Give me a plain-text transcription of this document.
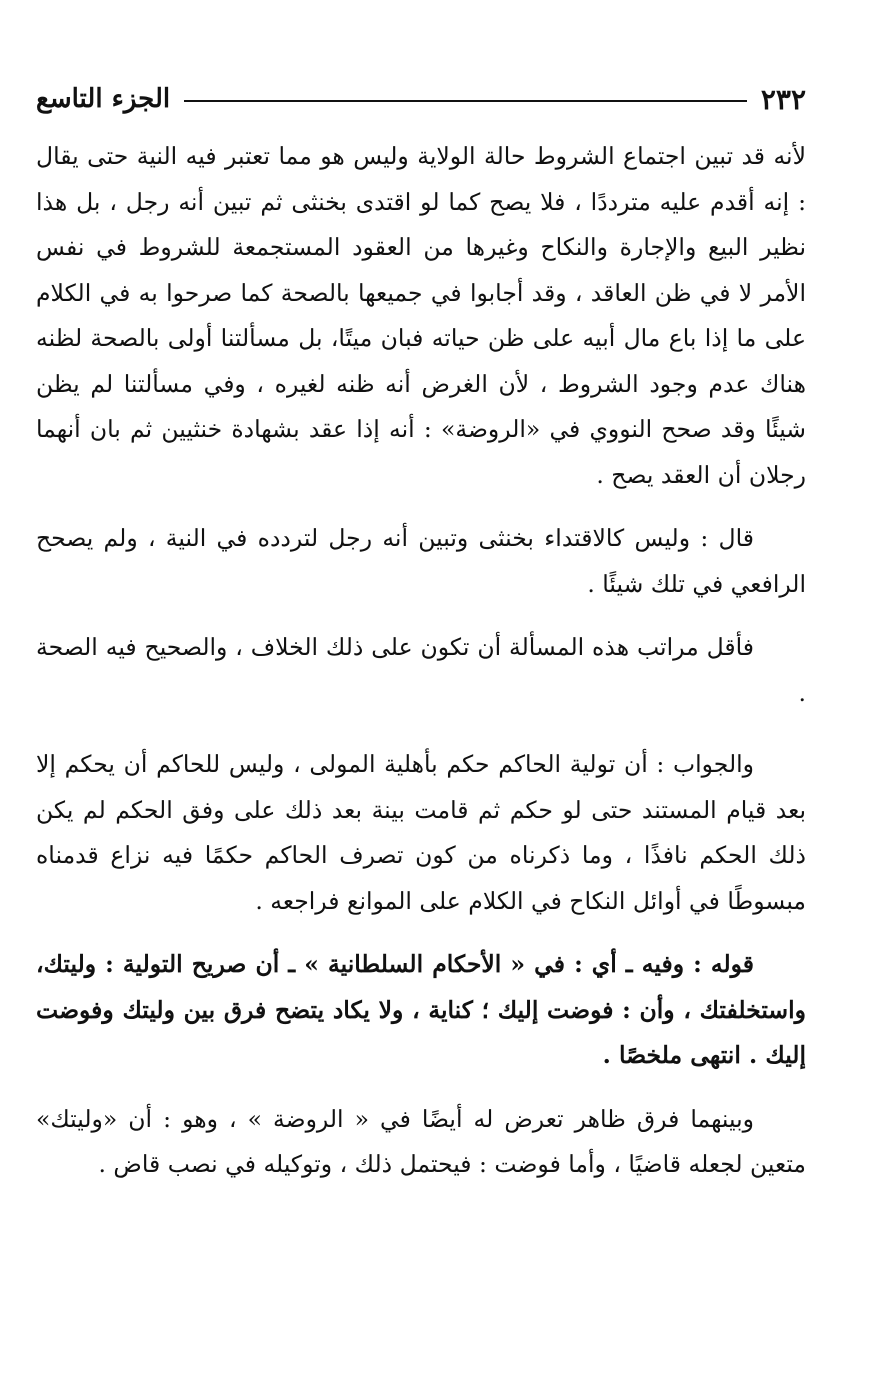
٢٣٢
الجزء التاسع

لأنه قد تبين اجتماع الشروط حالة الولاية وليس هو مما تعتبر فيه النية حتى يقال : إنه أقدم عليه مترددًا ، فلا يصح كما لو اقتدى بخنثى ثم تبين أنه رجل ، بل هذا نظير البيع والإجارة والنكاح وغيرها من العقود المستجمعة للشروط في نفس الأمر لا في ظن العاقد ، وقد أجابوا في جميعها بالصحة كما صرحوا به في الكلام على ما إذا باع مال أبيه على ظن حياته فبان ميتًا، بل مسألتنا أولى بالصحة لظنه هناك عدم وجود الشروط ، لأن الغرض أنه ظنه لغيره ، وفي مسألتنا لم يظن شيئًا وقد صحح النووي في «الروضة» : أنه إذا عقد بشهادة خنثيين ثم بان أنهما رجلان أن العقد يصح .

قال : وليس كالاقتداء بخنثى وتبين أنه رجل لتردده في النية ، ولم يصحح الرافعي في تلك شيئًا .

فأقل مراتب هذه المسألة أن تكون على ذلك الخلاف ، والصحيح فيه الصحة .

والجواب : أن تولية الحاكم حكم بأهلية المولى ، وليس للحاكم أن يحكم إلا بعد قيام المستند حتى لو حكم ثم قامت بينة بعد ذلك على وفق الحكم لم يكن ذلك الحكم نافذًا ، وما ذكرناه من كون تصرف الحاكم حكمًا فيه نزاع قدمناه مبسوطًا في أوائل النكاح في الكلام على الموانع فراجعه .

قوله : وفيه ـ أي : في « الأحكام السلطانية » ـ أن صريح التولية : وليتك، واستخلفتك ، وأن : فوضت إليك ؛ كناية ، ولا يكاد يتضح فرق بين وليتك وفوضت إليك . انتهى ملخصًا .

وبينهما فرق ظاهر تعرض له أيضًا في « الروضة » ، وهو : أن «وليتك» متعين لجعله قاضيًا ، وأما فوضت : فيحتمل ذلك ، وتوكيله في نصب قاض .
